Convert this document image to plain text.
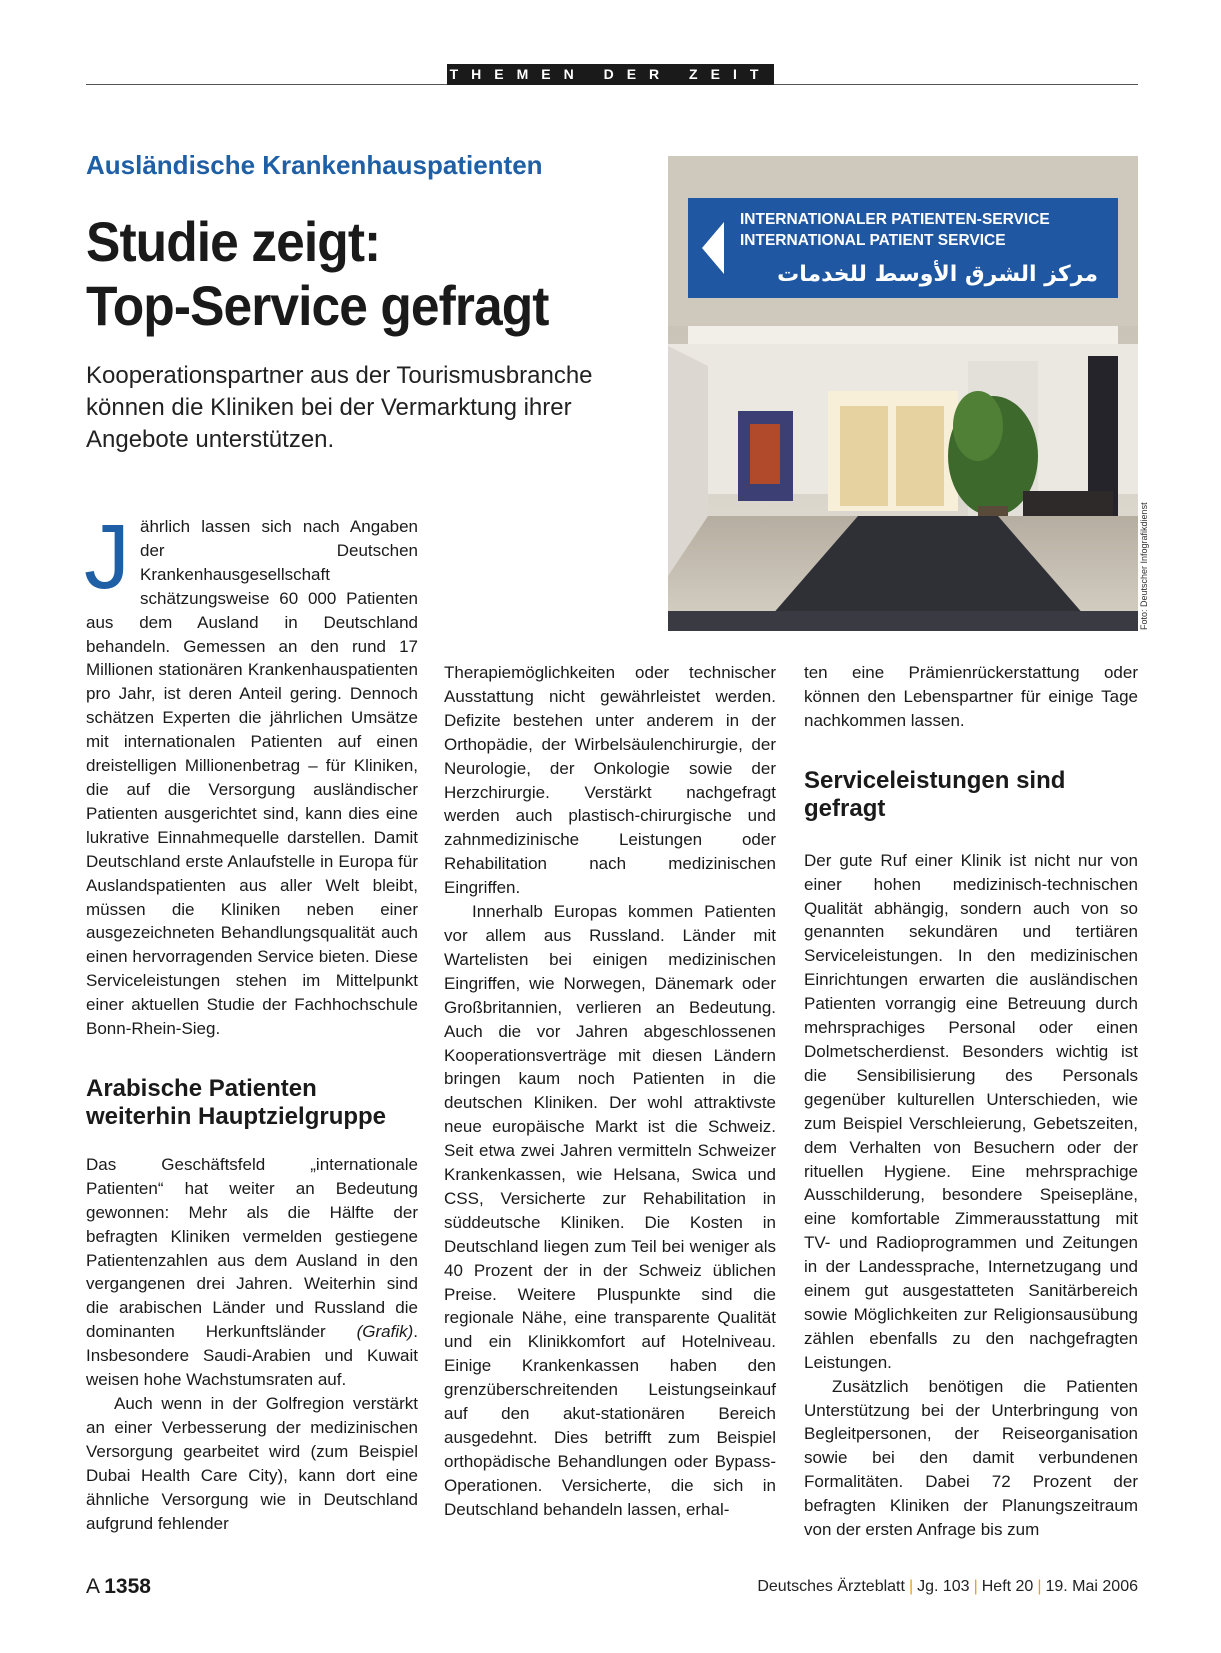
THEMEN DER ZEIT
Ausländische Krankenhauspatienten
Studie zeigt:
Top-Service gefragt

Kooperationspartner aus der Tourismusbranche können die Kliniken bei der Vermarktung ihrer Angebote unterstützen.

INTERNATIONALER PATIENTEN-SERVICE
INTERNATIONAL PATIENT SERVICE
مركز الشرق الأوسط للخدمات
Foto: Deutscher Infografikdienst

J ährlich lassen sich nach Angaben der Deutschen Krankenhausgesellschaft schätzungsweise 60 000 Patienten aus dem Ausland in Deutschland behandeln. Gemessen an den rund 17 Millionen stationären Krankenhauspatienten pro Jahr, ist deren Anteil gering. Dennoch schätzen Experten die jährlichen Umsätze mit internationalen Patienten auf einen dreistelligen Millionenbetrag – für Kliniken, die auf die Versorgung ausländischer Patienten ausgerichtet sind, kann dies eine lukrative Einnahmequelle darstellen. Damit Deutschland erste Anlaufstelle in Europa für Auslandspatienten aus aller Welt bleibt, müssen die Kliniken neben einer ausgezeichneten Behandlungsqualität auch einen hervorragenden Service bieten. Diese Serviceleistungen stehen im Mittelpunkt einer aktuellen Studie der Fachhochschule Bonn-Rhein-Sieg.

Arabische Patienten weiterhin Hauptzielgruppe

Das Geschäftsfeld „internationale Patienten“ hat weiter an Bedeutung gewonnen: Mehr als die Hälfte der befragten Kliniken vermelden gestiegene Patientenzahlen aus dem Ausland in den vergangenen drei Jahren. Weiterhin sind die arabischen Länder und Russland die dominanten Herkunftsländer (Grafik). Insbesondere Saudi-Arabien und Kuwait weisen hohe Wachstumsraten auf.

Auch wenn in der Golfregion verstärkt an einer Verbesserung der medizinischen Versorgung gearbeitet wird (zum Beispiel Dubai Health Care City), kann dort eine ähnliche Versorgung wie in Deutschland aufgrund fehlender

Therapiemöglichkeiten oder technischer Ausstattung nicht gewährleistet werden. Defizite bestehen unter anderem in der Orthopädie, der Wirbelsäulenchirurgie, der Neurologie, der Onkologie sowie der Herzchirurgie. Verstärkt nachgefragt werden auch plastisch-chirurgische und zahnmedizinische Leistungen oder Rehabilitation nach medizinischen Eingriffen.

Innerhalb Europas kommen Patienten vor allem aus Russland. Länder mit Wartelisten bei einigen medizinischen Eingriffen, wie Norwegen, Dänemark oder Großbritannien, verlieren an Bedeutung. Auch die vor Jahren abgeschlossenen Kooperationsverträge mit diesen Ländern bringen kaum noch Patienten in die deutschen Kliniken. Der wohl attraktivste neue europäische Markt ist die Schweiz. Seit etwa zwei Jahren vermitteln Schweizer Krankenkassen, wie Helsana, Swica und CSS, Versicherte zur Rehabilitation in süddeutsche Kliniken. Die Kosten in Deutschland liegen zum Teil bei weniger als 40 Prozent der in der Schweiz üblichen Preise. Weitere Pluspunkte sind die regionale Nähe, eine transparente Qualität und ein Klinikkomfort auf Hotelniveau. Einige Krankenkassen haben den grenzüberschreitenden Leistungseinkauf auf den akut-stationären Bereich ausgedehnt. Dies betrifft zum Beispiel orthopädische Behandlungen oder Bypass-Operationen. Versicherte, die sich in Deutschland behandeln lassen, erhal-

ten eine Prämienrückerstattung oder können den Lebenspartner für einige Tage nachkommen lassen.

Serviceleistungen sind gefragt

Der gute Ruf einer Klinik ist nicht nur von einer hohen medizinisch-technischen Qualität abhängig, sondern auch von so genannten sekundären und tertiären Serviceleistungen. In den medizinischen Einrichtungen erwarten die ausländischen Patienten vorrangig eine Betreuung durch mehrsprachiges Personal oder einen Dolmetscherdienst. Besonders wichtig ist die Sensibilisierung des Personals gegenüber kulturellen Unterschieden, wie zum Beispiel Verschleierung, Gebetszeiten, dem Verhalten von Besuchern oder der rituellen Hygiene. Eine mehrsprachige Ausschilderung, besondere Speisepläne, eine komfortable Zimmerausstattung mit TV- und Radioprogrammen und Zeitungen in der Landessprache, Internetzugang und einem gut ausgestatteten Sanitärbereich sowie Möglichkeiten zur Religionsausübung zählen ebenfalls zu den nachgefragten Leistungen.

Zusätzlich benötigen die Patienten Unterstützung bei der Unterbringung von Begleitpersonen, der Reiseorganisation sowie bei den damit verbundenen Formalitäten. Dabei 72 Prozent der befragten Kliniken der Planungszeitraum von der ersten Anfrage bis zum

A  1358	Deutsches Ärzteblatt | Jg. 103 | Heft 20 | 19. Mai 2006
